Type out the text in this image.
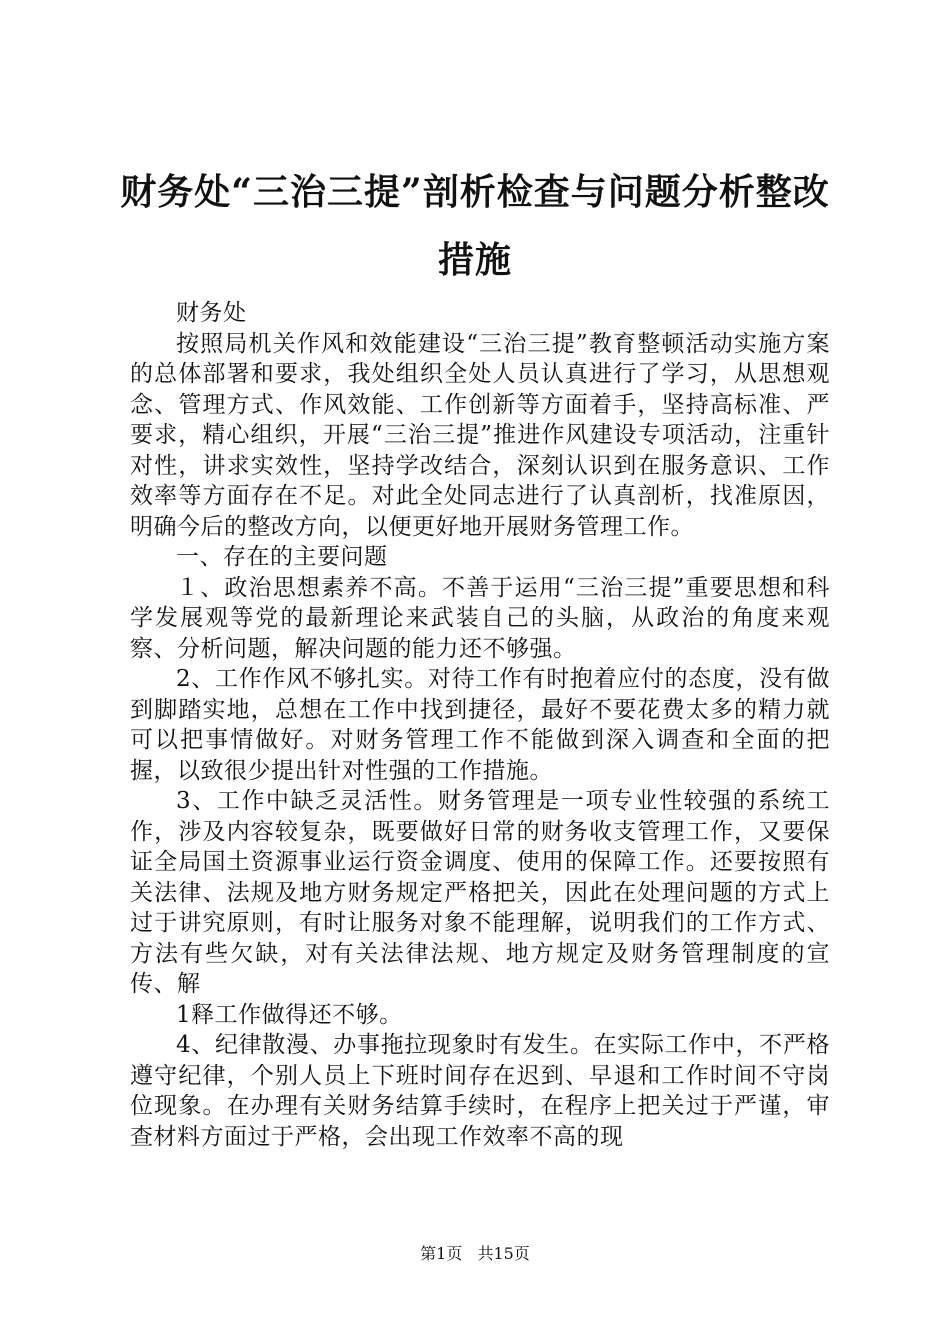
财务处“三治三提”剖析检查与问题分析整改措施

财务处

按照局机关作风和效能建设“三治三提”教育整顿活动实施方案的总体部署和要求，我处组织全处人员认真进行了学习，从思想观念、管理方式、作风效能、工作创新等方面着手，坚持高标准、严要求，精心组织，开展“三治三提”推进作风建设专项活动，注重针对性，讲求实效性，坚持学改结合，深刻认识到在服务意识、工作效率等方面存在不足。对此全处同志进行了认真剖析，找准原因，明确今后的整改方向，以便更好地开展财务管理工作。

一、存在的主要问题

１、政治思想素养不高。不善于运用“三治三提”重要思想和科学发展观等党的最新理论来武装自己的头脑，从政治的角度来观察、分析问题，解决问题的能力还不够强。

2、工作作风不够扎实。对待工作有时抱着应付的态度，没有做到脚踏实地，总想在工作中找到捷径，最好不要花费太多的精力就可以把事情做好。对财务管理工作不能做到深入调查和全面的把握，以致很少提出针对性强的工作措施。

3、工作中缺乏灵活性。财务管理是一项专业性较强的系统工作，涉及内容较复杂，既要做好日常的财务收支管理工作，又要保证全局国土资源事业运行资金调度、使用的保障工作。还要按照有关法律、法规及地方财务规定严格把关，因此在处理问题的方式上过于讲究原则，有时让服务对象不能理解，说明我们的工作方式、方法有些欠缺，对有关法律法规、地方规定及财务管理制度的宣传、解

1释工作做得还不够。

4、纪律散漫、办事拖拉现象时有发生。在实际工作中，不严格遵守纪律，个别人员上下班时间存在迟到、早退和工作时间不守岗位现象。在办理有关财务结算手续时，在程序上把关过于严谨，审查材料方面过于严格，会出现工作效率不高的现

第1页 共15页
